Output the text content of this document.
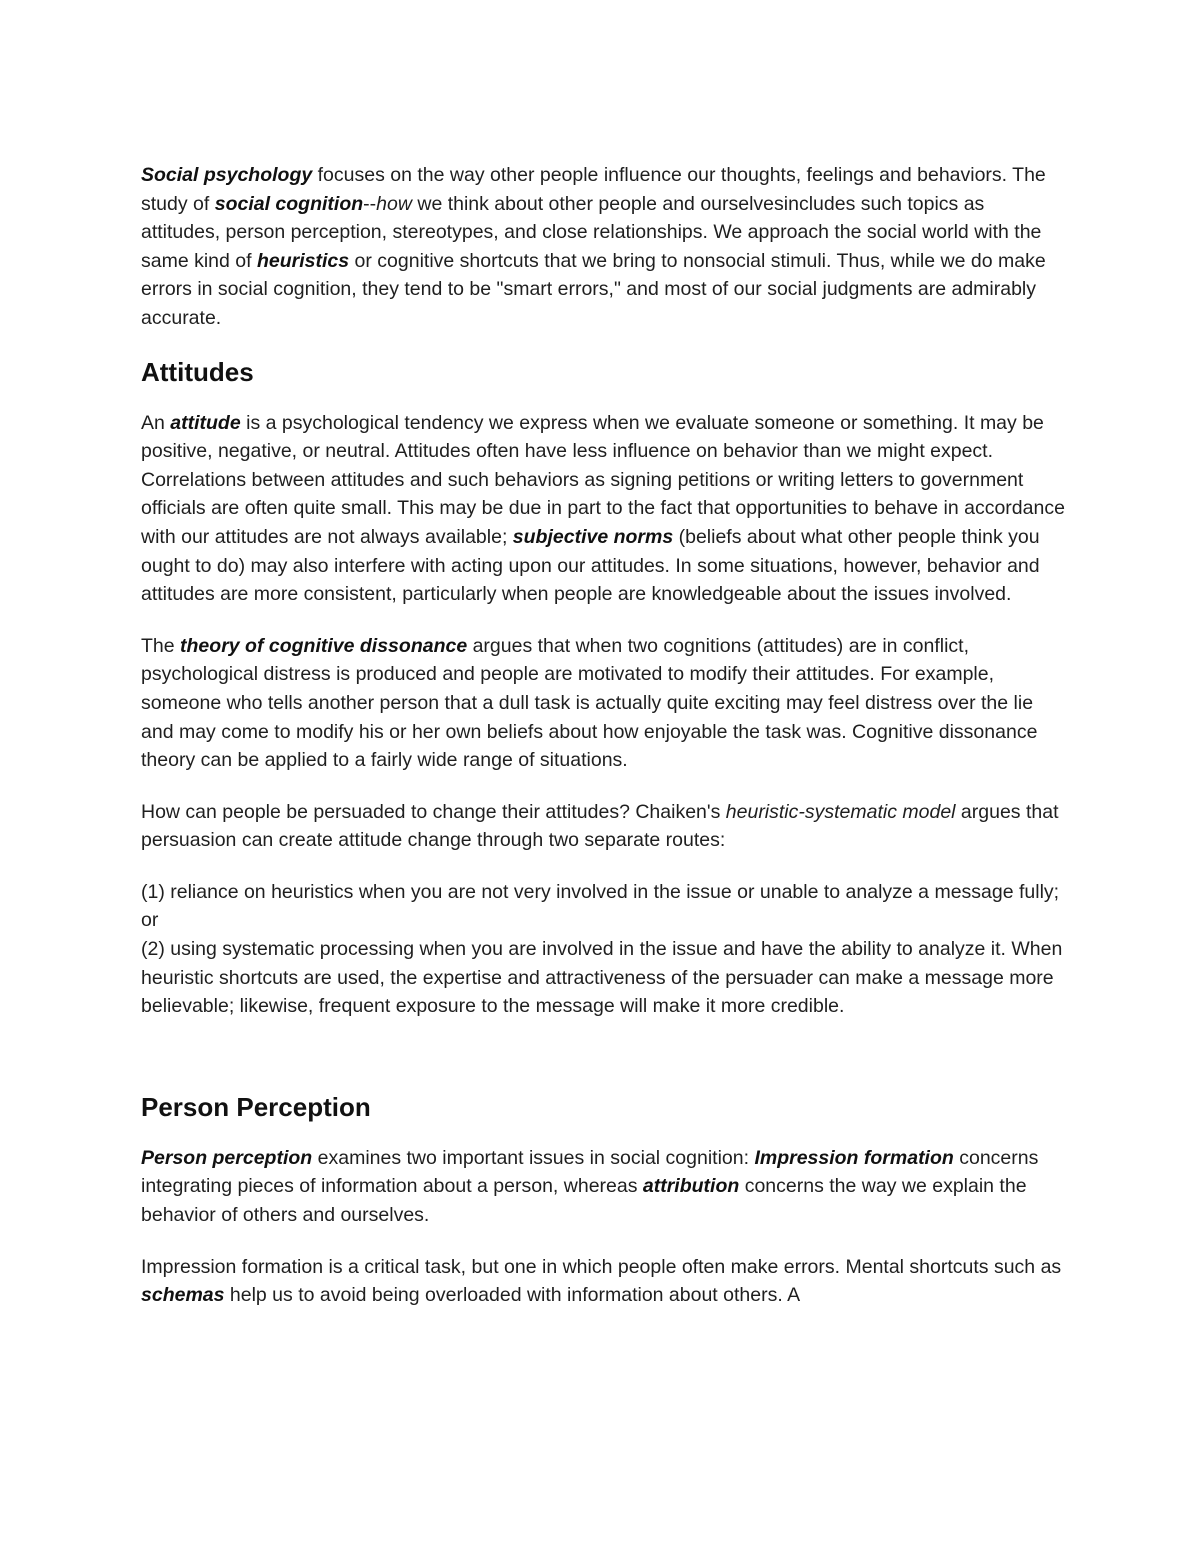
Social psychology focuses on the way other people influence our thoughts, feelings and behaviors. The study of social cognition--how we think about other people and ourselvesincludes such topics as attitudes, person perception, stereotypes, and close relationships. We approach the social world with the same kind of heuristics or cognitive shortcuts that we bring to nonsocial stimuli. Thus, while we do make errors in social cognition, they tend to be "smart errors," and most of our social judgments are admirably accurate.

Attitudes

An attitude is a psychological tendency we express when we evaluate someone or something. It may be positive, negative, or neutral. Attitudes often have less influence on behavior than we might expect. Correlations between attitudes and such behaviors as signing petitions or writing letters to government officials are often quite small. This may be due in part to the fact that opportunities to behave in accordance with our attitudes are not always available; subjective norms (beliefs about what other people think you ought to do) may also interfere with acting upon our attitudes. In some situations, however, behavior and attitudes are more consistent, particularly when people are knowledgeable about the issues involved.

The theory of cognitive dissonance argues that when two cognitions (attitudes) are in conflict, psychological distress is produced and people are motivated to modify their attitudes. For example, someone who tells another person that a dull task is actually quite exciting may feel distress over the lie and may come to modify his or her own beliefs about how enjoyable the task was. Cognitive dissonance theory can be applied to a fairly wide range of situations.

How can people be persuaded to change their attitudes? Chaiken's heuristic-systematic model argues that persuasion can create attitude change through two separate routes:

(1) reliance on heuristics when you are not very involved in the issue or unable to analyze a message fully; or

(2) using systematic processing when you are involved in the issue and have the ability to analyze it. When heuristic shortcuts are used, the expertise and attractiveness of the persuader can make a message more believable; likewise, frequent exposure to the message will make it more credible.

Person Perception

Person perception examines two important issues in social cognition: Impression formation concerns integrating pieces of information about a person, whereas attribution concerns the way we explain the behavior of others and ourselves.

Impression formation is a critical task, but one in which people often make errors. Mental shortcuts such as schemas help us to avoid being overloaded with information about others. A
